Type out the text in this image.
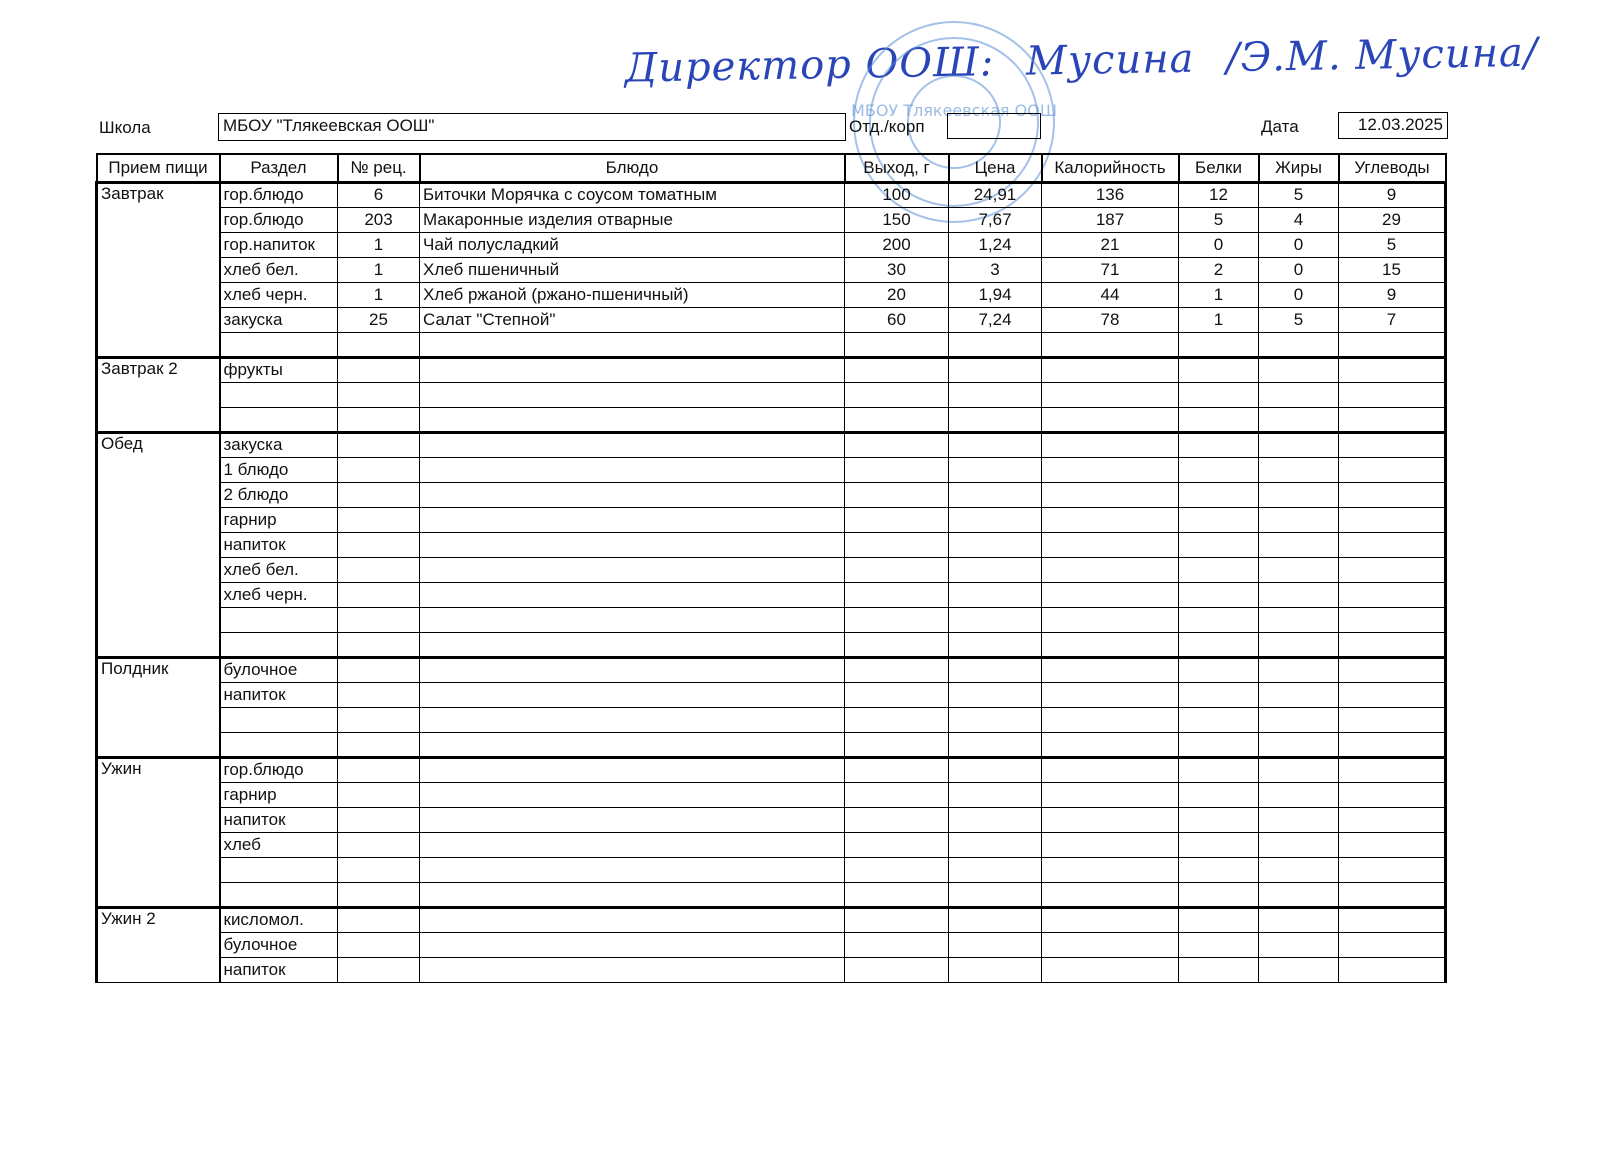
Директор ООШ: Мусина /Э.М. Мусина/
МБОУ Тлякеевская ООШ
Школа	МБОУ "Тлякеевская ООШ"	Отд./корп	Дата	12.03.2025
Прием пищи	Раздел	№ рец.	Блюдо	Выход, г	Цена	Калорийность	Белки	Жиры	Углеводы
Завтрак	гор.блюдо	6	Биточки Морячка с соусом томатным	100	24,91	136	12	5	9
	гор.блюдо	203	Макаронные изделия отварные	150	7,67	187	5	4	29
	гор.напиток	1	Чай полусладкий	200	1,24	21	0	0	5
	хлеб бел.	1	Хлеб пшеничный	30	3	71	2	0	15
	хлеб черн.	1	Хлеб ржаной (ржано-пшеничный)	20	1,94	44	1	0	9
	закуска	25	Салат "Степной"	60	7,24	78	1	5	7

Завтрак 2	фрукты								

Обед	закуска								
	1 блюдо								
	2 блюдо								
	гарнир								
	напиток								
	хлеб бел.								
	хлеб черн.								

Полдник	булочное								
	напиток								

Ужин	гор.блюдо								
	гарнир								
	напиток								
	хлеб								

Ужин 2	кисломол.								
	булочное								
	напиток								
